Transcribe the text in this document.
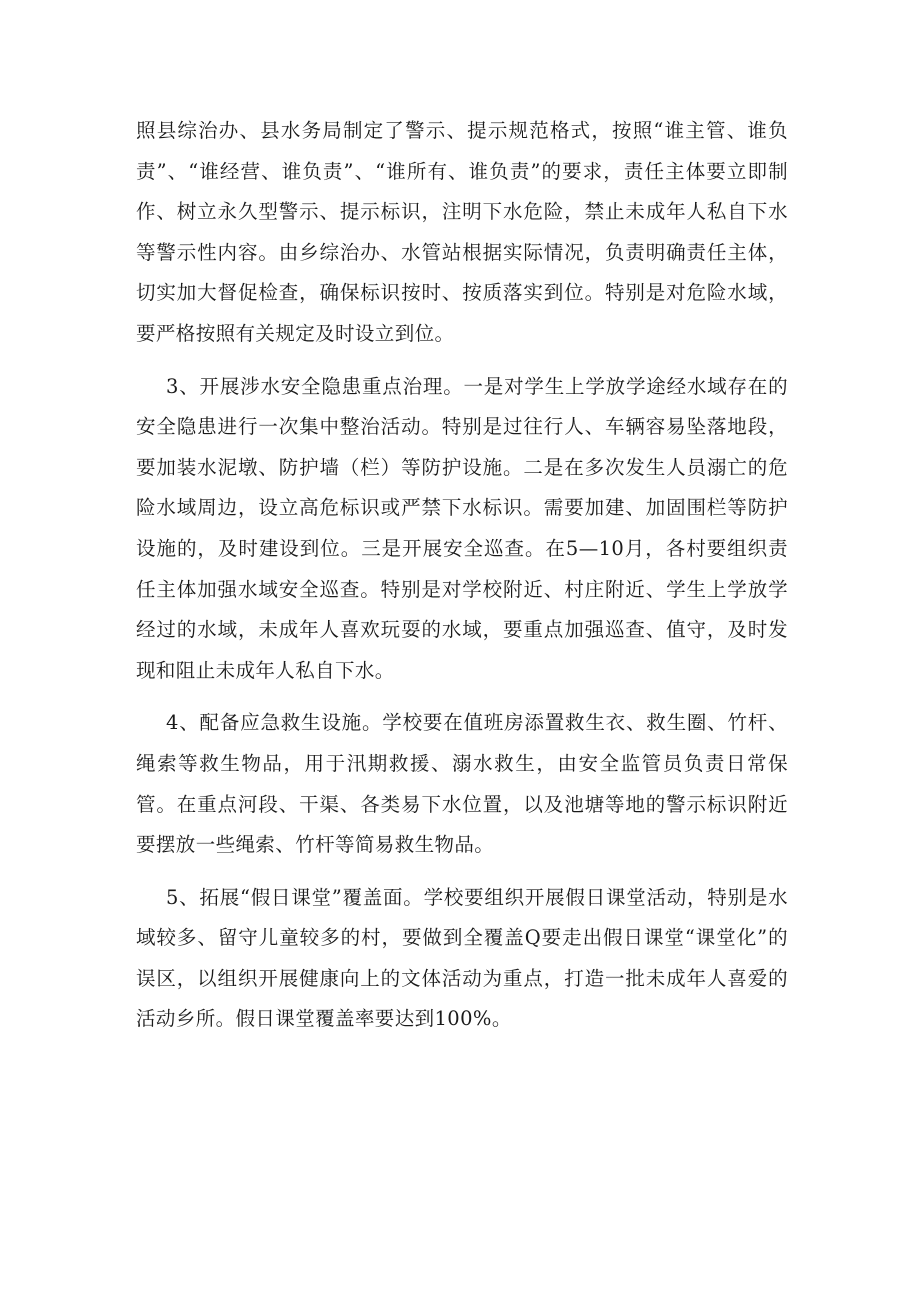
照县综治办、县水务局制定了警示、提示规范格式，按照“谁主管、谁负责”、“谁经营、谁负责”、“谁所有、谁负责”的要求，责任主体要立即制作、树立永久型警示、提示标识，注明下水危险，禁止未成年人私自下水等警示性内容。由乡综治办、水管站根据实际情况，负责明确责任主体，切实加大督促检查，确保标识按时、按质落实到位。特别是对危险水域，要严格按照有关规定及时设立到位。

3、开展涉水安全隐患重点治理。一是对学生上学放学途经水域存在的安全隐患进行一次集中整治活动。特别是过往行人、车辆容易坠落地段，要加装水泥墩、防护墙（栏）等防护设施。二是在多次发生人员溺亡的危险水域周边，设立高危标识或严禁下水标识。需要加建、加固围栏等防护设施的，及时建设到位。三是开展安全巡查。在5—10月，各村要组织责任主体加强水域安全巡查。特别是对学校附近、村庄附近、学生上学放学经过的水域，未成年人喜欢玩耍的水域，要重点加强巡查、值守，及时发现和阻止未成年人私自下水。

4、配备应急救生设施。学校要在值班房添置救生衣、救生圈、竹杆、绳索等救生物品，用于汛期救援、溺水救生，由安全监管员负责日常保管。在重点河段、干渠、各类易下水位置，以及池塘等地的警示标识附近要摆放一些绳索、竹杆等简易救生物品。

5、拓展“假日课堂”覆盖面。学校要组织开展假日课堂活动，特别是水域较多、留守儿童较多的村，要做到全覆盖Q要走出假日课堂“课堂化”的误区，以组织开展健康向上的文体活动为重点，打造一批未成年人喜爱的活动乡所。假日课堂覆盖率要达到100%。
